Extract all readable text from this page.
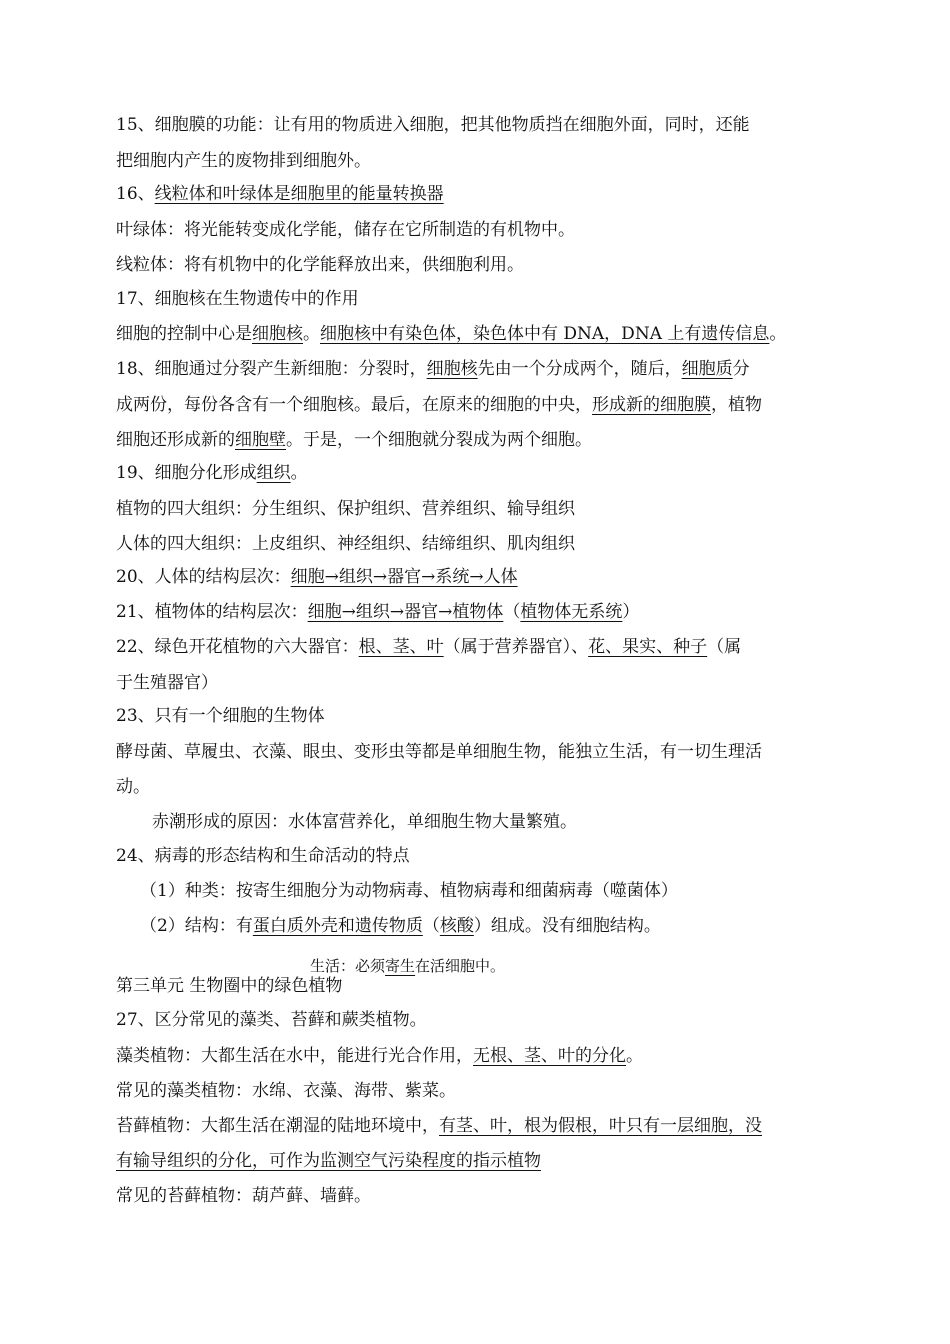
15、细胞膜的功能：让有用的物质进入细胞，把其他物质挡在细胞外面，同时，还能
把细胞内产生的废物排到细胞外。
16、线粒体和叶绿体是细胞里的能量转换器
叶绿体：将光能转变成化学能，储存在它所制造的有机物中。
线粒体：将有机物中的化学能释放出来，供细胞利用。
17、细胞核在生物遗传中的作用
细胞的控制中心是细胞核。细胞核中有染色体，染色体中有 DNA，DNA 上有遗传信息。
18、细胞通过分裂产生新细胞：分裂时，细胞核先由一个分成两个，随后，细胞质分
成两份，每份各含有一个细胞核。最后，在原来的细胞的中央，形成新的细胞膜，植物
细胞还形成新的细胞壁。于是，一个细胞就分裂成为两个细胞。
19、细胞分化形成组织。
植物的四大组织：分生组织、保护组织、营养组织、输导组织
人体的四大组织：上皮组织、神经组织、结缔组织、肌肉组织
20、人体的结构层次：细胞→组织→器官→系统→人体
21、植物体的结构层次：细胞→组织→器官→植物体（植物体无系统）
22、绿色开花植物的六大器官：根、茎、叶（属于营养器官）、花、果实、种子（属
于生殖器官）
23、只有一个细胞的生物体
酵母菌、草履虫、衣藻、眼虫、变形虫等都是单细胞生物，能独立生活，有一切生理活
动。
赤潮形成的原因：水体富营养化，单细胞生物大量繁殖。
24、病毒的形态结构和生命活动的特点
（1）种类：按寄生细胞分为动物病毒、植物病毒和细菌病毒（噬菌体）
（2）结构：有蛋白质外壳和遗传物质（核酸）组成。没有细胞结构。
生活：必须寄生在活细胞中。
第三单元 生物圈中的绿色植物
27、区分常见的藻类、苔藓和蕨类植物。
藻类植物：大都生活在水中，能进行光合作用，无根、茎、叶的分化。
常见的藻类植物：水绵、衣藻、海带、紫菜。
苔藓植物：大都生活在潮湿的陆地环境中，有茎、叶，根为假根，叶只有一层细胞，没
有输导组织的分化，可作为监测空气污染程度的指示植物
常见的苔藓植物：葫芦藓、墙藓。
